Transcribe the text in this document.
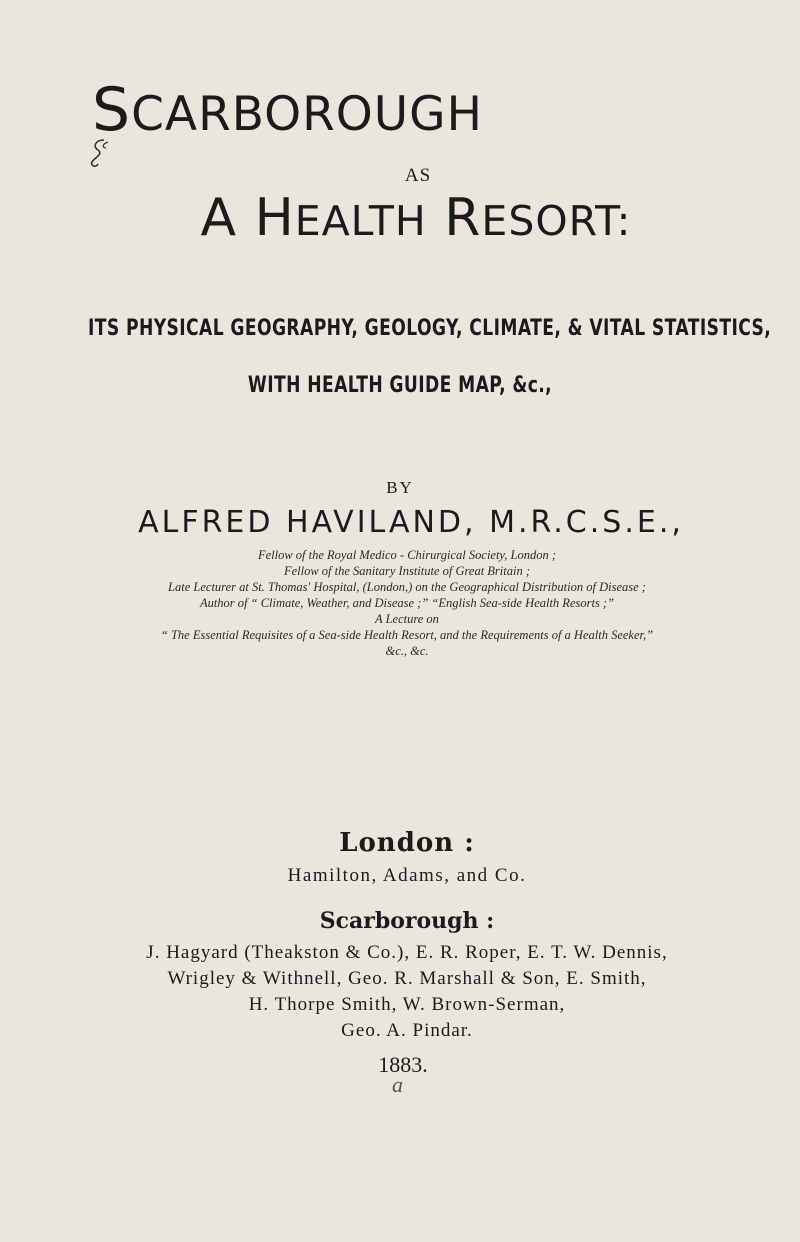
SCARBOROUGH
AS
A HEALTH RESORT:
ITS PHYSICAL GEOGRAPHY, GEOLOGY, CLIMATE, & VITAL STATISTICS,
WITH HEALTH GUIDE MAP, &c.,
BY
ALFRED HAVILAND, M.R.C.S.E.,
Fellow of the Royal Medico - Chirurgical Society, London ;
Fellow of the Sanitary Institute of Great Britain ;
Late Lecturer at St. Thomas' Hospital, (London,) on the Geographical Distribution of Disease ;
Author of “ Climate, Weather, and Disease ;” “English Sea-side Health Resorts ;”
A Lecture on
“ The Essential Requisites of a Sea-side Health Resort, and the Requirements of a Health Seeker,”
&c., &c.
London :
Hamilton, Adams, and Co.
Scarborough :
J. Hagyard (Theakston & Co.), E. R. Roper, E. T. W. Dennis,
Wrigley & Withnell, Geo. R. Marshall & Son, E. Smith,
H. Thorpe Smith, W. Brown-Serman,
Geo. A. Pindar.
1883.
a
